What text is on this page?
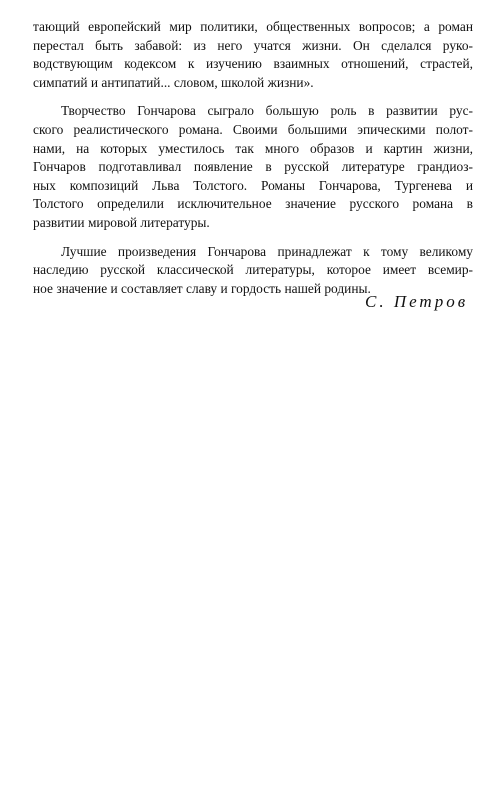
тающий европейский мир политики, общественных вопросов; а роман
перестал быть забавой: из него учатся жизни. Он сделался руко-
водствующим кодексом к изучению взаимных отношений, страстей,
симпатий и антипатий... словом, школой жизни».
Творчество Гончарова сыграло большую роль в развитии рус-
ского реалистического романа. Своими большими эпическими полот-
нами, на которых уместилось так много образов и картин жизни,
Гончаров подготавливал появление в русской литературе грандиоз-
ных композиций Льва Толстого. Романы Гончарова, Тургенева и
Толстого определили исключительное значение русского романа в
развитии мировой литературы.
Лучшие произведения Гончарова принадлежат к тому великому
наследию русской классической литературы, которое имеет всемир-
ное значение и составляет славу и гордость нашей родины.
С. Петров
